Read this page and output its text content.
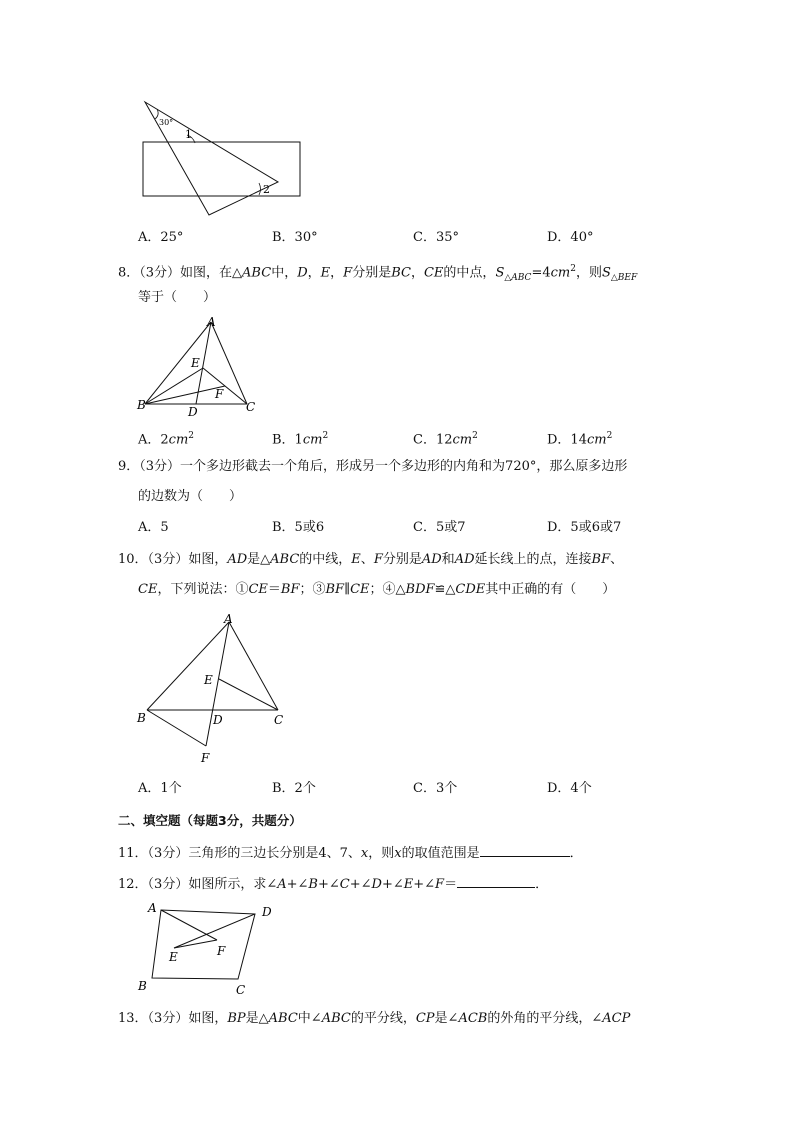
30°
1
2
A．25°	B．30°	C．35°	D．40°
8．（3分）如图，在△ABC中，D，E，F分别是BC，CE的中点，$S_{\triangle ABC}=4cm^2$，则$S_{\triangle BEF}$
等于（　　）
A
E
F
B	D	C
A．$2cm^2$	B．$1cm^2$	C．$12cm^2$	D．$14cm^2$
9．（3分）一个多边形截去一个角后，形成另一个多边形的内角和为720°，那么原多边形
的边数为（　　）
A．5	B．5或6	C．5或7	D．5或6或7
10．（3分）如图，AD是△ABC的中线，E、F分别是AD和AD延长线上的点，连接BF、
CE，下列说法：①CE＝BF；③BF∥CE；④△BDF≌△CDE其中正确的有（　　）
A
E
B	D	C
F
A．1个	B．2个	C．3个	D．4个
二、填空题（每题3分，共题分）
11．（3分）三角形的三边长分别是4、7、x，则x的取值范围是	．
12．（3分）如图所示，求∠A+∠B+∠C+∠D+∠E+∠F＝	．
A	D
F
E
B	C
13．（3分）如图，BP是△ABC中∠ABC的平分线，CP是∠ACB的外角的平分线，∠ACP
